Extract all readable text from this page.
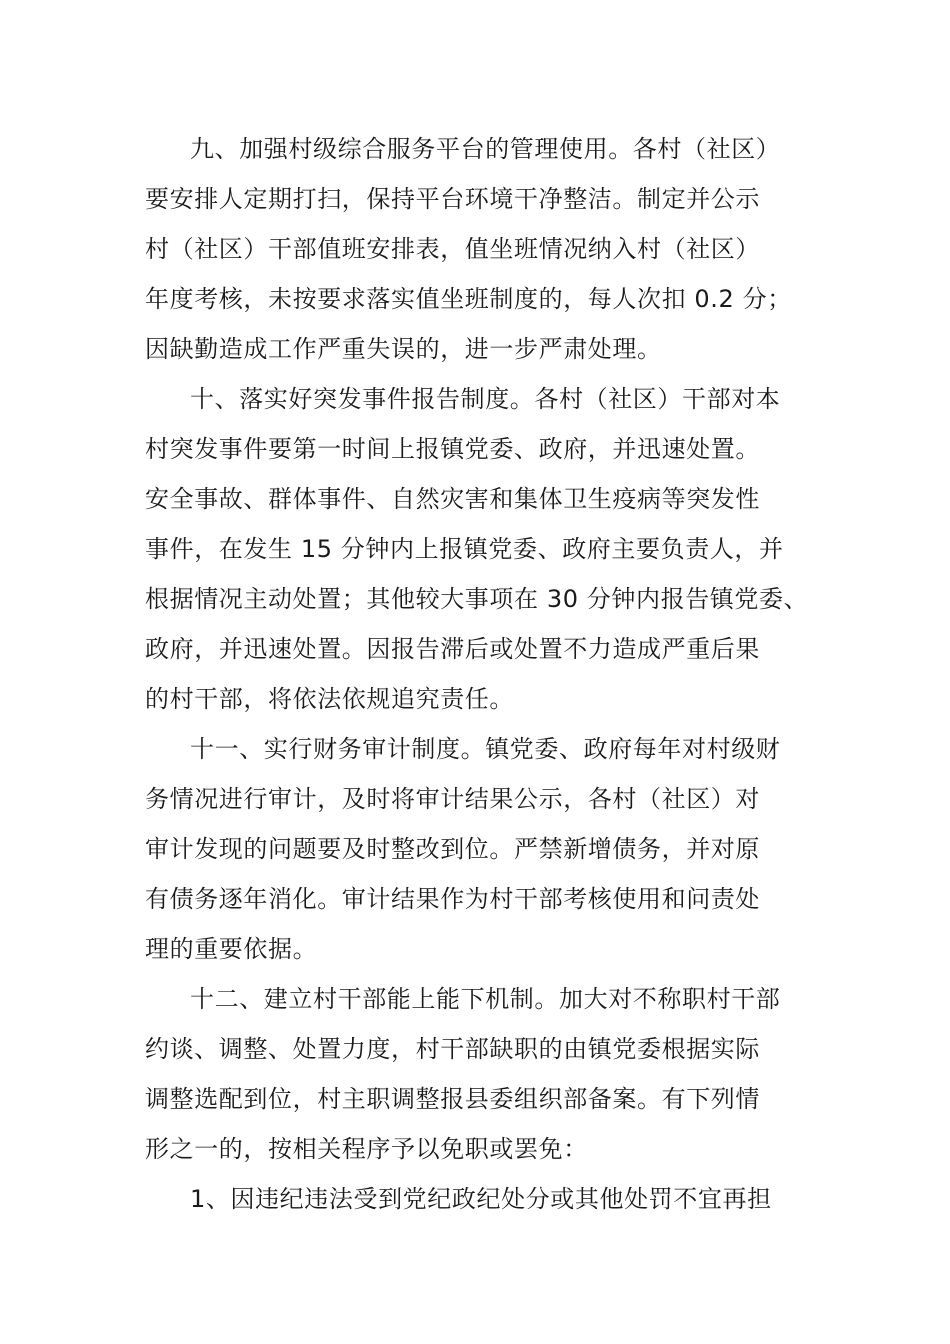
九、加强村级综合服务平台的管理使用。各村（社区）
要安排人定期打扫，保持平台环境干净整洁。制定并公示
村（社区）干部值班安排表，值坐班情况纳入村（社区）
年度考核，未按要求落实值坐班制度的，每人次扣 0.2 分；
因缺勤造成工作严重失误的，进一步严肃处理。
十、落实好突发事件报告制度。各村（社区）干部对本
村突发事件要第一时间上报镇党委、政府，并迅速处置。
安全事故、群体事件、自然灾害和集体卫生疫病等突发性
事件，在发生 15 分钟内上报镇党委、政府主要负责人，并
根据情况主动处置；其他较大事项在 30 分钟内报告镇党委、
政府，并迅速处置。因报告滞后或处置不力造成严重后果
的村干部，将依法依规追究责任。
十一、实行财务审计制度。镇党委、政府每年对村级财
务情况进行审计，及时将审计结果公示，各村（社区）对
审计发现的问题要及时整改到位。严禁新增债务，并对原
有债务逐年消化。审计结果作为村干部考核使用和问责处
理的重要依据。
十二、建立村干部能上能下机制。加大对不称职村干部
约谈、调整、处置力度，村干部缺职的由镇党委根据实际
调整选配到位，村主职调整报县委组织部备案。有下列情
形之一的，按相关程序予以免职或罢免：
1、因违纪违法受到党纪政纪处分或其他处罚不宜再担
